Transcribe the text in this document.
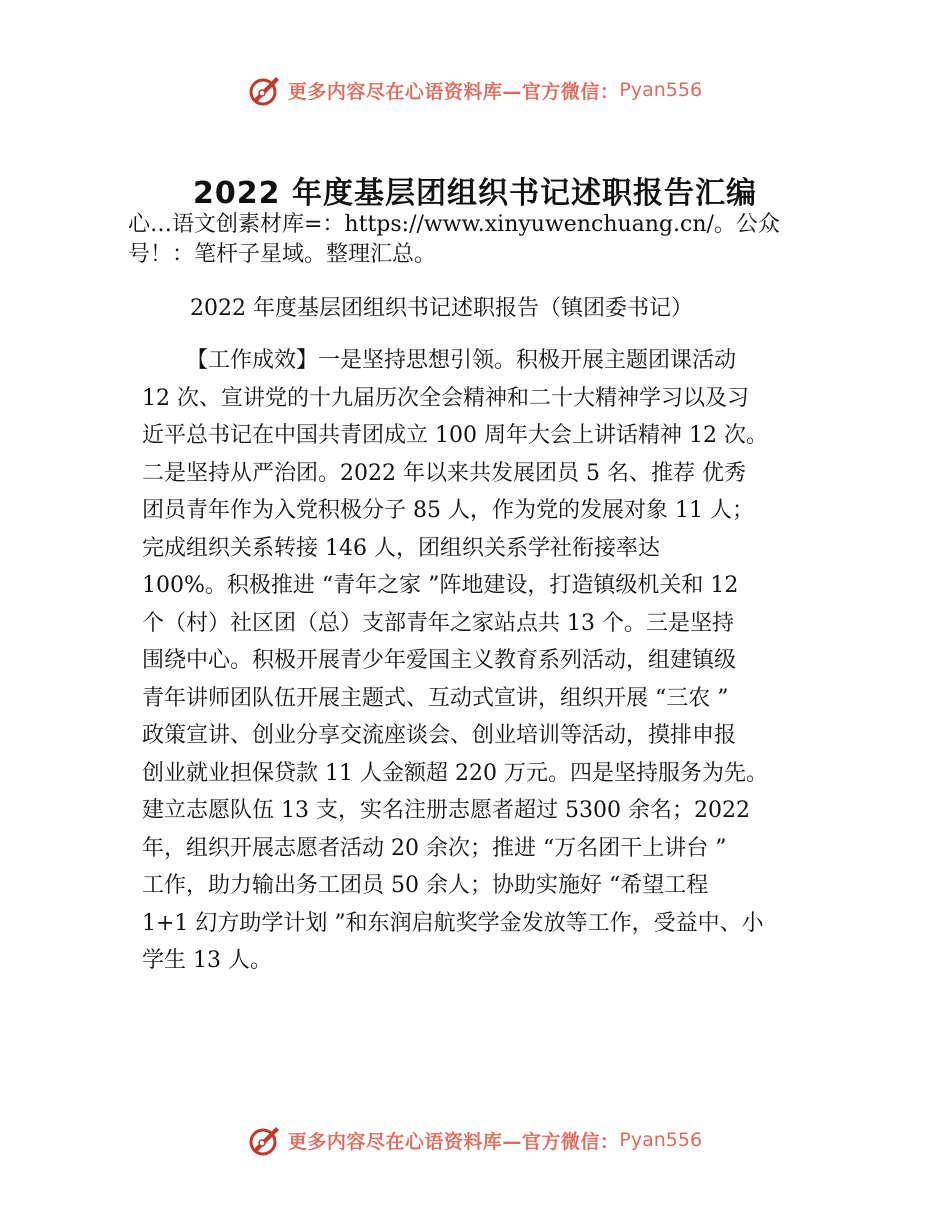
更多内容尽在心语资料库—官方微信： Pyan556
2022 年度基层团组织书记述职报告汇编

心…语文创素材库=：https://www.xinyuwenchuang.cn/。公众
号！：笔杆子星域。整理汇总。

2022 年度基层团组织书记述职报告（镇团委书记）

【工作成效】一是坚持思想引领。积极开展主题团课活动
12 次、宣讲党的十九届历次全会精神和二十大精神学习以及习
近平总书记在中国共青团成立 100 周年大会上讲话精神 12 次。
二是坚持从严治团。2022 年以来共发展团员 5 名、推荐 优秀
团员青年作为入党积极分子 85 人，作为党的发展对象 11 人；
完成组织关系转接 146 人，团组织关系学社衔接率达
100%。积极推进 “青年之家 ”阵地建设，打造镇级机关和 12
个（村）社区团（总）支部青年之家站点共 13 个。三是坚持
围绕中心。积极开展青少年爱国主义教育系列活动，组建镇级
青年讲师团队伍开展主题式、互动式宣讲，组织开展 “三农 ”
政策宣讲、创业分享交流座谈会、创业培训等活动，摸排申报
创业就业担保贷款 11 人金额超 220 万元。四是坚持服务为先。
建立志愿队伍 13 支，实名注册志愿者超过 5300 余名；2022
年，组织开展志愿者活动 20 余次；推进 “万名团干上讲台 ”
工作，助力输出务工团员 50 余人；协助实施好 “希望工程
1+1 幻方助学计划 ”和东润启航奖学金发放等工作，受益中、小
学生 13 人。

更多内容尽在心语资料库—官方微信： Pyan556
